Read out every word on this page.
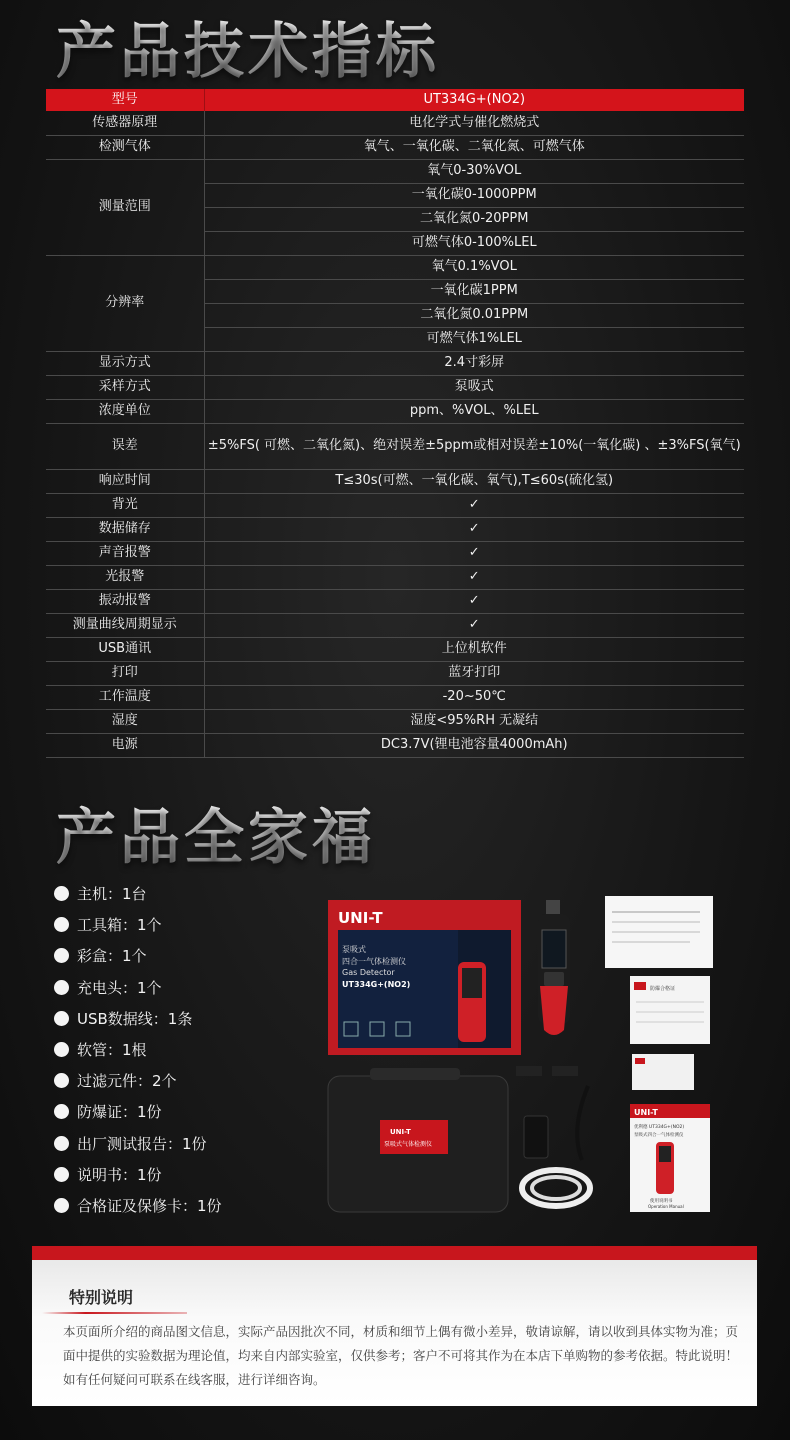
产品技术指标
型号	UT334G+(NO2)
传感器原理	电化学式与催化燃烧式
检测气体	氧气、一氧化碳、二氧化氮、可燃气体
测量范围	氧气0-30%VOL
	一氧化碳0-1000PPM
	二氧化氮0-20PPM
	可燃气体0-100%LEL
分辨率	氧气0.1%VOL
	一氧化碳1PPM
	二氧化氮0.01PPM
	可燃气体1%LEL
显示方式	2.4寸彩屏
采样方式	泵吸式
浓度单位	ppm、%VOL、%LEL
误差	±5%FS( 可燃、二氧化氮)、绝对误差±5ppm或相对误差±10%(一氧化碳) 、±3%FS(氧气)
响应时间	T≤30s(可燃、一氧化碳、氧气),T≤60s(硫化氢)
背光	✓
数据储存	✓
声音报警	✓
光报警	✓
振动报警	✓
测量曲线周期显示	✓
USB通讯	上位机软件
打印	蓝牙打印
工作温度	-20~50℃
湿度	湿度<95%RH 无凝结
电源	DC3.7V(锂电池容量4000mAh)
产品全家福
主机：1台
工具箱：1个
彩盒：1个
充电头：1个
USB数据线：1条
软管：1根
过滤元件：2个
防爆证：1份
出厂测试报告：1份
说明书：1份
合格证及保修卡：1份
UNI-T
泵吸式
四合一气体检测仪
Gas Detector
UT334G+(NO2)	防爆合格证
UNI-T
泵吸式气体检测仪
UNI-T
优利德 UT334G+(NO2)
泵吸式四合一气体检测仪
使用说明书
Operation Manual
特别说明
本页面所介绍的商品图文信息，实际产品因批次不同，材质和细节上偶有微小差异，敬请谅解，请以收到具体实物为准；页面中提供的实验数据为理论值，均来自内部实验室，仅供参考；客户不可将其作为在本店下单购物的参考依据。特此说明！如有任何疑问可联系在线客服，进行详细咨询。
